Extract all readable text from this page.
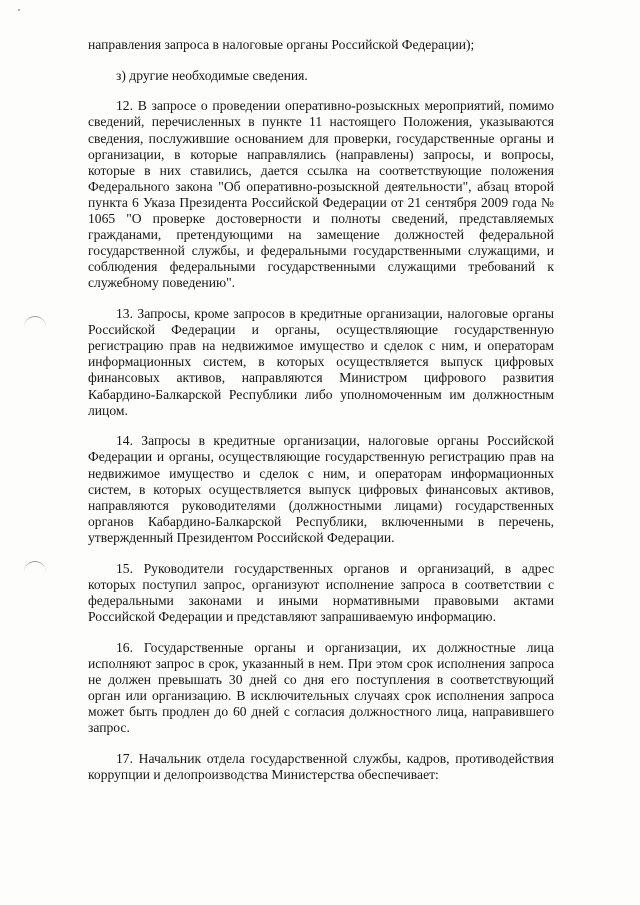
направления запроса в налоговые органы Российской Федерации);

з) другие необходимые сведения.

12. В запросе о проведении оперативно-розыскных мероприятий, помимо сведений, перечисленных в пункте 11 настоящего Положения, указываются сведения, послужившие основанием для проверки, государственные органы и организации, в которые направлялись (направлены) запросы, и вопросы, которые в них ставились, дается ссылка на соответствующие положения Федерального закона "Об оперативно-розыскной деятельности", абзац второй пункта 6 Указа Президента Российской Федерации от 21 сентября 2009 года № 1065 "О проверке достоверности и полноты сведений, представляемых гражданами, претендующими на замещение должностей федеральной государственной службы, и федеральными государственными служащими, и соблюдения федеральными государственными служащими требований к служебному поведению".

13. Запросы, кроме запросов в кредитные организации, налоговые органы Российской Федерации и органы, осуществляющие государственную регистрацию прав на недвижимое имущество и сделок с ним, и операторам информационных систем, в которых осуществляется выпуск цифровых финансовых активов, направляются Министром цифрового развития Кабардино-Балкарской Республики либо уполномоченным им должностным лицом.

14. Запросы в кредитные организации, налоговые органы Российской Федерации и органы, осуществляющие государственную регистрацию прав на недвижимое имущество и сделок с ним, и операторам информационных систем, в которых осуществляется выпуск цифровых финансовых активов, направляются руководителями (должностными лицами) государственных органов Кабардино-Балкарской Республики, включенными в перечень, утвержденный Президентом Российской Федерации.

15. Руководители государственных органов и организаций, в адрес которых поступил запрос, организуют исполнение запроса в соответствии с федеральными законами и иными нормативными правовыми актами Российской Федерации и представляют запрашиваемую информацию.

16. Государственные органы и организации, их должностные лица исполняют запрос в срок, указанный в нем. При этом срок исполнения запроса не должен превышать 30 дней со дня его поступления в соответствующий орган или организацию. В исключительных случаях срок исполнения запроса может быть продлен до 60 дней с согласия должностного лица, направившего запрос.

17. Начальник отдела государственной службы, кадров, противодействия коррупции и делопроизводства Министерства обеспечивает:
